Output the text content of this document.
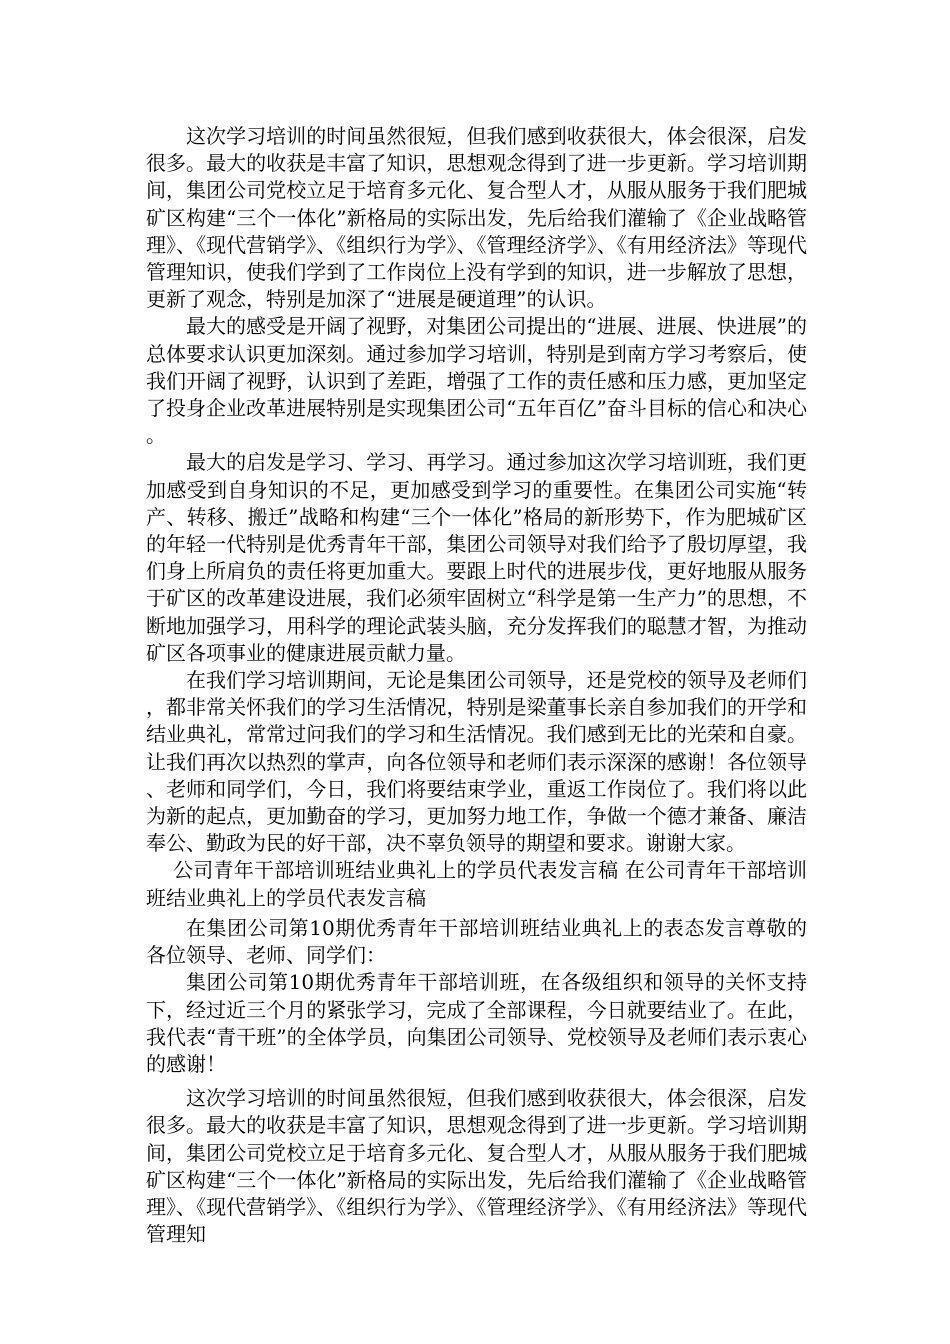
这次学习培训的时间虽然很短，但我们感到收获很大，体会很深，启发很多。最大的收获是丰富了知识，思想观念得到了进一步更新。学习培训期间，集团公司党校立足于培育多元化、复合型人才，从服从服务于我们肥城矿区构建“三个一体化”新格局的实际出发，先后给我们灌输了《企业战略管理》、《现代营销学》、《组织行为学》、《管理经济学》、《有用经济法》等现代管理知识，使我们学到了工作岗位上没有学到的知识，进一步解放了思想，更新了观念，特别是加深了“进展是硬道理”的认识。

最大的感受是开阔了视野，对集团公司提出的“进展、进展、快进展”的总体要求认识更加深刻。通过参加学习培训，特别是到南方学习考察后，使我们开阔了视野，认识到了差距，增强了工作的责任感和压力感，更加坚定了投身企业改革进展特别是实现集团公司“五年百亿”奋斗目标的信心和决心。

最大的启发是学习、学习、再学习。通过参加这次学习培训班，我们更加感受到自身知识的不足，更加感受到学习的重要性。在集团公司实施“转产、转移、搬迁”战略和构建“三个一体化”格局的新形势下，作为肥城矿区的年轻一代特别是优秀青年干部，集团公司领导对我们给予了殷切厚望，我们身上所肩负的责任将更加重大。要跟上时代的进展步伐，更好地服从服务于矿区的改革建设进展，我们必须牢固树立“科学是第一生产力”的思想，不断地加强学习，用科学的理论武装头脑，充分发挥我们的聪慧才智，为推动矿区各项事业的健康进展贡献力量。

在我们学习培训期间，无论是集团公司领导，还是党校的领导及老师们，都非常关怀我们的学习生活情况，特别是梁董事长亲自参加我们的开学和结业典礼，常常过问我们的学习和生活情况。我们感到无比的光荣和自豪。让我们再次以热烈的掌声，向各位领导和老师们表示深深的感谢！各位领导、老师和同学们，今日，我们将要结束学业，重返工作岗位了。我们将以此为新的起点，更加勤奋的学习，更加努力地工作，争做一个德才兼备、廉洁奉公、勤政为民的好干部，决不辜负领导的期望和要求。谢谢大家。

公司青年干部培训班结业典礼上的学员代表发言稿 在公司青年干部培训班结业典礼上的学员代表发言稿

在集团公司第10期优秀青年干部培训班结业典礼上的表态发言尊敬的各位领导、老师、同学们：

集团公司第10期优秀青年干部培训班，在各级组织和领导的关怀支持下，经过近三个月的紧张学习，完成了全部课程，今日就要结业了。在此，我代表“青干班”的全体学员，向集团公司领导、党校领导及老师们表示衷心的感谢！

这次学习培训的时间虽然很短，但我们感到收获很大，体会很深，启发很多。最大的收获是丰富了知识，思想观念得到了进一步更新。学习培训期间，集团公司党校立足于培育多元化、复合型人才，从服从服务于我们肥城矿区构建“三个一体化”新格局的实际出发，先后给我们灌输了《企业战略管理》、《现代营销学》、《组织行为学》、《管理经济学》、《有用经济法》等现代管理知
